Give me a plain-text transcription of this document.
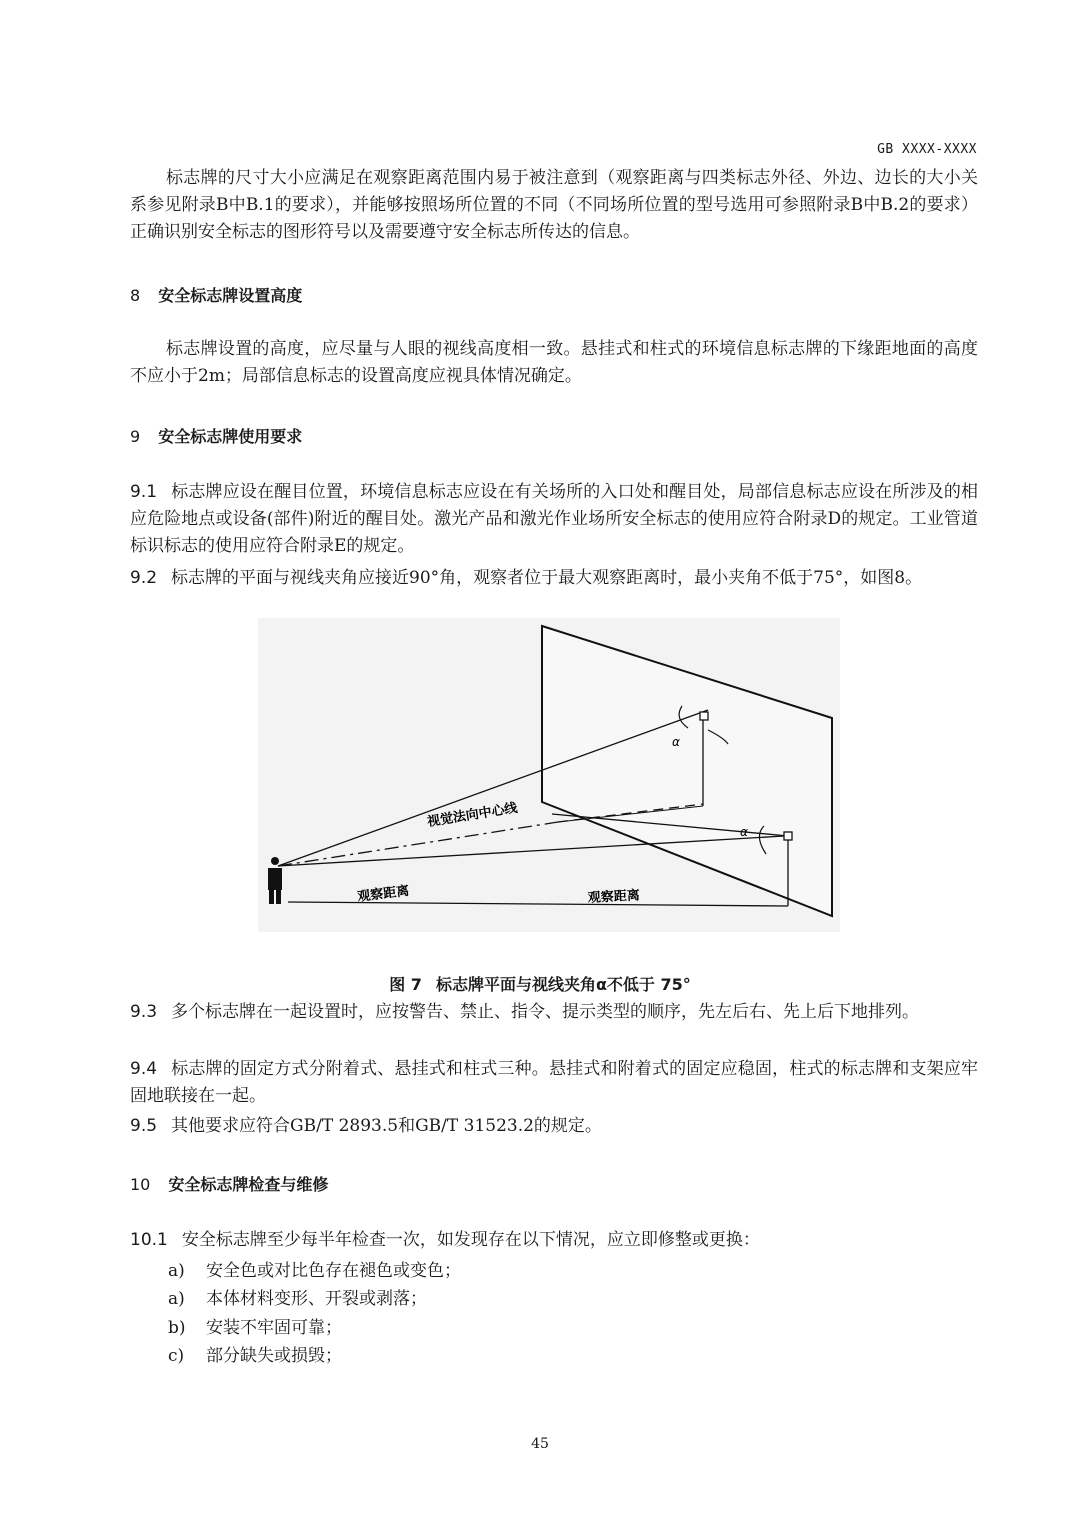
GB XXXX-XXXX

标志牌的尺寸大小应满足在观察距离范围内易于被注意到（观察距离与四类标志外径、外边、边长的大小关系参见附录B中B.1的要求），并能够按照场所位置的不同（不同场所位置的型号选用可参照附录B中B.2的要求）正确识别安全标志的图形符号以及需要遵守安全标志所传达的信息。

8 安全标志牌设置高度

标志牌设置的高度，应尽量与人眼的视线高度相一致。悬挂式和柱式的环境信息标志牌的下缘距地面的高度不应小于2m；局部信息标志的设置高度应视具体情况确定。

9 安全标志牌使用要求

9.1 标志牌应设在醒目位置，环境信息标志应设在有关场所的入口处和醒目处，局部信息标志应设在所涉及的相应危险地点或设备(部件)附近的醒目处。激光产品和激光作业场所安全标志的使用应符合附录D的规定。工业管道标识标志的使用应符合附录E的规定。

9.2 标志牌的平面与视线夹角应接近90°角，观察者位于最大观察距离时，最小夹角不低于75°，如图8。

视觉法向中心线
观察距离	观察距离
α
α
图 7 标志牌平面与视线夹角α不低于 75°

9.3 多个标志牌在一起设置时，应按警告、禁止、指令、提示类型的顺序，先左后右、先上后下地排列。

9.4 标志牌的固定方式分附着式、悬挂式和柱式三种。悬挂式和附着式的固定应稳固，柱式的标志牌和支架应牢固地联接在一起。

9.5 其他要求应符合GB/T 2893.5和GB/T 31523.2的规定。

10 安全标志牌检查与维修

10.1 安全标志牌至少每半年检查一次，如发现存在以下情况，应立即修整或更换：

a) 安全色或对比色存在褪色或变色；
a) 本体材料变形、开裂或剥落；
b) 安装不牢固可靠；
c) 部分缺失或损毁；
45
